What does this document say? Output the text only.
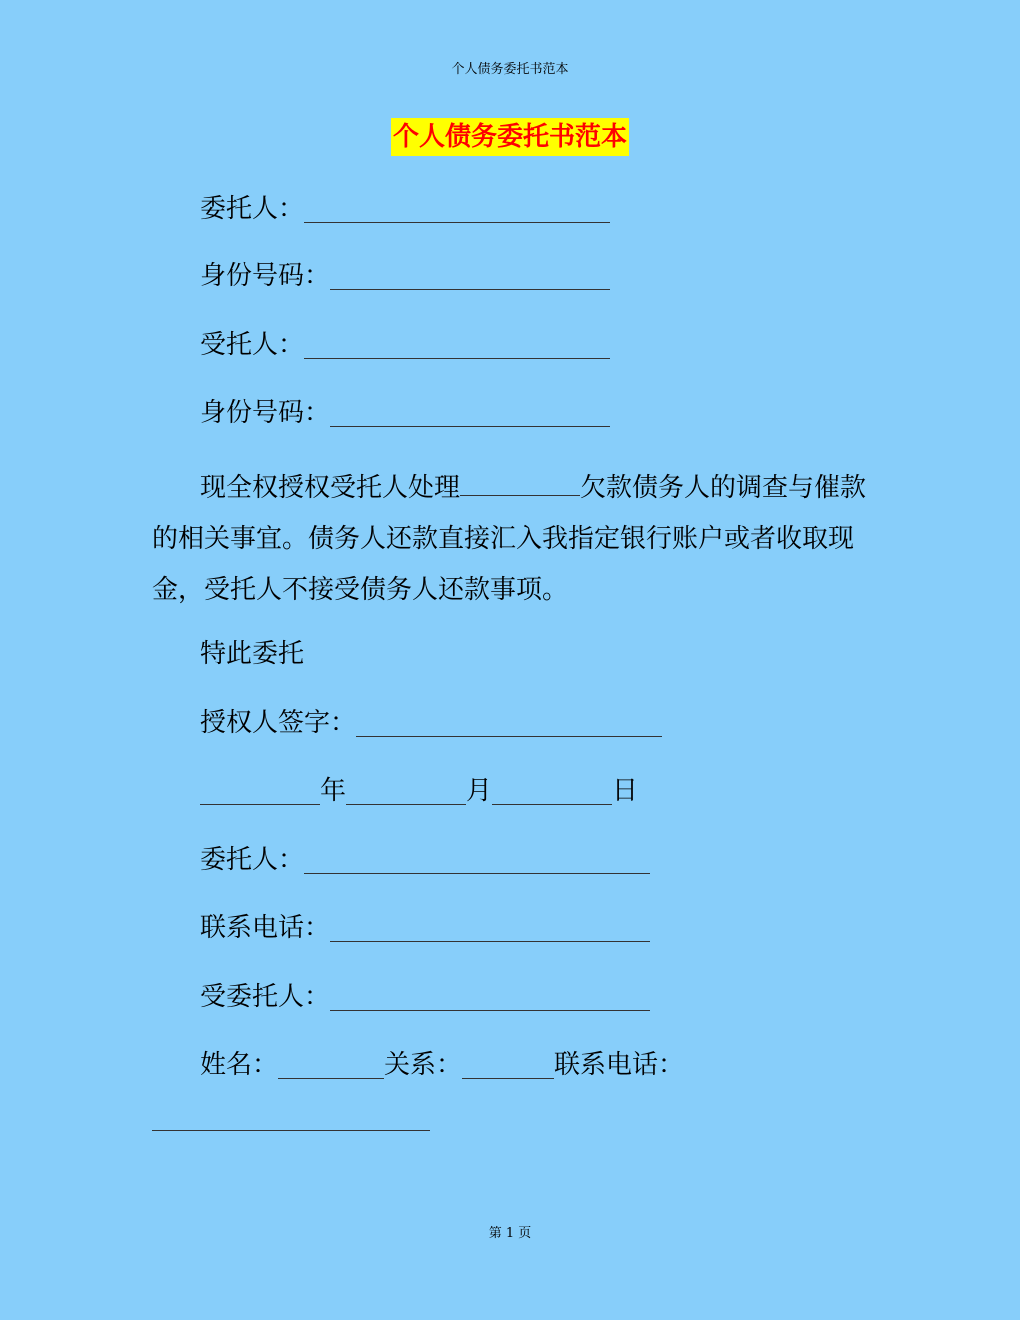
个人债务委托书范本
个人债务委托书范本
委托人：
身份号码：
受托人：
身份号码：
现全权授权受托人处理	欠款债务人的调查与催款的相关事宜。债务人还款直接汇入我指定银行账户或者收取现金，受托人不接受债务人还款事项。
特此委托
授权人签字：
年	月	日
委托人：
联系电话：
受委托人：
姓名：	关系：	联系电话：
第 1 页
